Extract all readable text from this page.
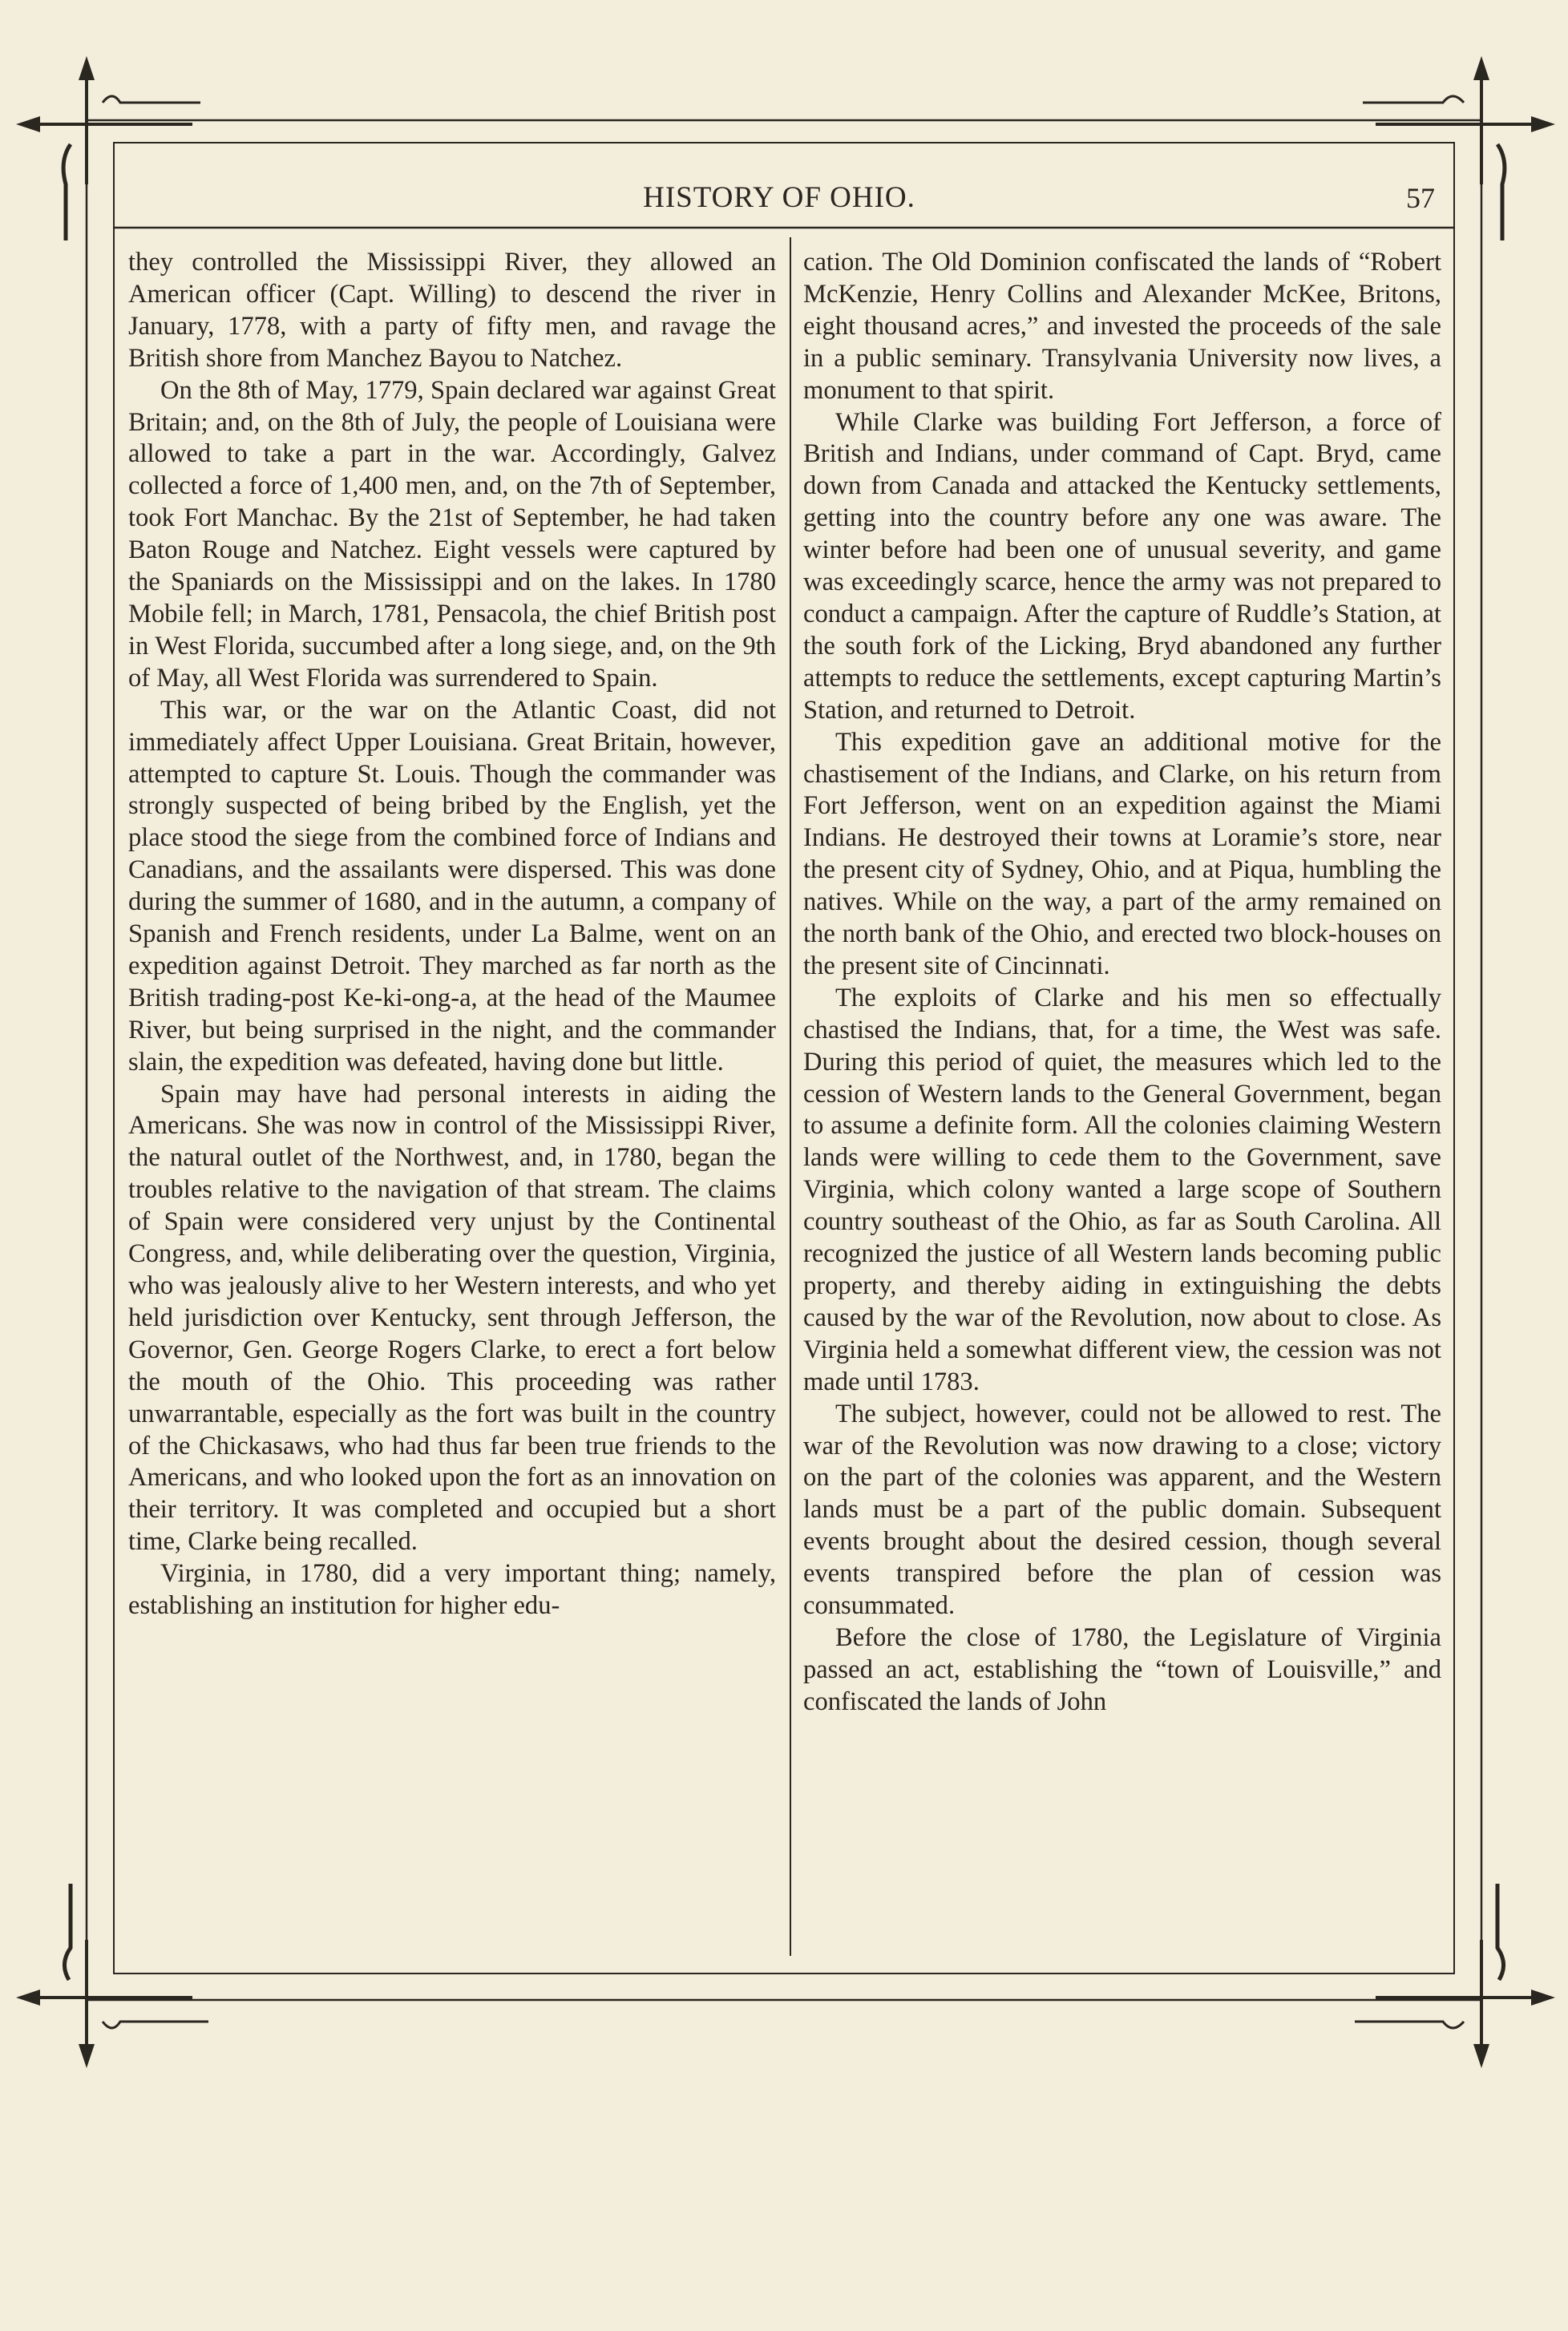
HISTORY OF OHIO.	57

they controlled the Mississippi River, they allowed an American officer (Capt. Willing) to descend the river in January, 1778, with a party of fifty men, and ravage the British shore from Manchez Bayou to Natchez.

On the 8th of May, 1779, Spain declared war against Great Britain; and, on the 8th of July, the people of Louisiana were allowed to take a part in the war. Accordingly, Galvez collected a force of 1,400 men, and, on the 7th of September, took Fort Manchac. By the 21st of September, he had taken Baton Rouge and Natchez. Eight vessels were captured by the Spaniards on the Mississippi and on the lakes. In 1780 Mobile fell; in March, 1781, Pensacola, the chief British post in West Florida, succumbed after a long siege, and, on the 9th of May, all West Florida was surrendered to Spain.

This war, or the war on the Atlantic Coast, did not immediately affect Upper Louisiana. Great Britain, however, attempted to capture St. Louis. Though the commander was strongly suspected of being bribed by the English, yet the place stood the siege from the combined force of Indians and Canadians, and the assailants were dispersed. This was done during the summer of 1680, and in the autumn, a company of Spanish and French residents, under La Balme, went on an expedition against Detroit. They marched as far north as the British trading-post Ke-ki-ong-a, at the head of the Maumee River, but being surprised in the night, and the commander slain, the expedition was defeated, having done but little.

Spain may have had personal interests in aiding the Americans. She was now in control of the Mississippi River, the natural outlet of the Northwest, and, in 1780, began the troubles relative to the navigation of that stream. The claims of Spain were considered very unjust by the Continental Congress, and, while deliberating over the question, Virginia, who was jealously alive to her Western interests, and who yet held jurisdiction over Kentucky, sent through Jefferson, the Governor, Gen. George Rogers Clarke, to erect a fort below the mouth of the Ohio. This proceeding was rather unwarrantable, especially as the fort was built in the country of the Chickasaws, who had thus far been true friends to the Americans, and who looked upon the fort as an innovation on their territory. It was completed and occupied but a short time, Clarke being recalled.

Virginia, in 1780, did a very important thing; namely, establishing an institution for higher edu-

cation. The Old Dominion confiscated the lands of “Robert McKenzie, Henry Collins and Alexander McKee, Britons, eight thousand acres,” and invested the proceeds of the sale in a public seminary. Transylvania University now lives, a monument to that spirit.

While Clarke was building Fort Jefferson, a force of British and Indians, under command of Capt. Bryd, came down from Canada and attacked the Kentucky settlements, getting into the country before any one was aware. The winter before had been one of unusual severity, and game was exceedingly scarce, hence the army was not prepared to conduct a campaign. After the capture of Ruddle’s Station, at the south fork of the Licking, Bryd abandoned any further attempts to reduce the settlements, except capturing Martin’s Station, and returned to Detroit.

This expedition gave an additional motive for the chastisement of the Indians, and Clarke, on his return from Fort Jefferson, went on an expedition against the Miami Indians. He destroyed their towns at Loramie’s store, near the present city of Sydney, Ohio, and at Piqua, humbling the natives. While on the way, a part of the army remained on the north bank of the Ohio, and erected two block-houses on the present site of Cincinnati.

The exploits of Clarke and his men so effectually chastised the Indians, that, for a time, the West was safe. During this period of quiet, the measures which led to the cession of Western lands to the General Government, began to assume a definite form. All the colonies claiming Western lands were willing to cede them to the Government, save Virginia, which colony wanted a large scope of Southern country southeast of the Ohio, as far as South Carolina. All recognized the justice of all Western lands becoming public property, and thereby aiding in extinguishing the debts caused by the war of the Revolution, now about to close. As Virginia held a somewhat different view, the cession was not made until 1783.

The subject, however, could not be allowed to rest. The war of the Revolution was now drawing to a close; victory on the part of the colonies was apparent, and the Western lands must be a part of the public domain. Subsequent events brought about the desired cession, though several events transpired before the plan of cession was consummated.

Before the close of 1780, the Legislature of Virginia passed an act, establishing the “town of Louisville,” and confiscated the lands of John
